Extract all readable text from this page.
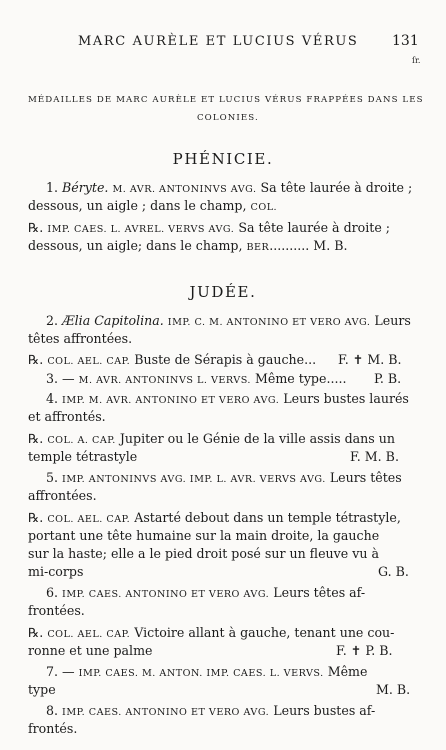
MARC AURÈLE ET LUCIUS VÉRUS 131
ſr.
MÉDAILLES DE MARC AURÈLE ET LUCIUS VÉRUS FRAPPÉES DANS LES
COLONIES.
PHÉNICIE.
1. Béryte. M. AVR. ANTONINVS AVG. Sa tête laurée à droite ;
dessous, un aigle ; dans le champ, COL.
℞. IMP. CAES. L. AVREL. VERVS AVG. Sa tête laurée à droite ;
dessous, un aigle; dans le champ, BER.......... M. B.
JUDÉE.
2. Ælia Capitolina. IMP. C. M. ANTONINO ET VERO AVG. Leurs
têtes affrontées.
℞. COL. AEL. CAP. Buste de Sérapis à gauche... F. ✝ M. B.
3. — M. AVR. ANTONINVS L. VERVS. Même type..... P. B.
4. IMP. M. AVR. ANTONINO ET VERO AVG. Leurs bustes laurés
et affrontés.
℞. COL. A. CAP. Jupiter ou le Génie de la ville assis dans un
temple tétrastyle	F. M. B.
5. IMP. ANTONINVS AVG. IMP. L. AVR. VERVS AVG. Leurs têtes
affrontées.
℞. COL. AEL. CAP. Astarté debout dans un temple tétrastyle,
portant une tête humaine sur la main droite, la gauche
sur la haste; elle a le pied droit posé sur un fleuve vu à
mi-corps	G. B.
6. IMP. CAES. ANTONINO ET VERO AVG. Leurs têtes af-
frontées.
℞. COL. AEL. CAP. Victoire allant à gauche, tenant une cou-
ronne et une palme	F. ✝ P. B.
7. — IMP. CAES. M. ANTON. IMP. CAES. L. VERVS. Même
type	M. B.
8. IMP. CAES. ANTONINO ET VERO AVG. Leurs bustes af-
frontés.
